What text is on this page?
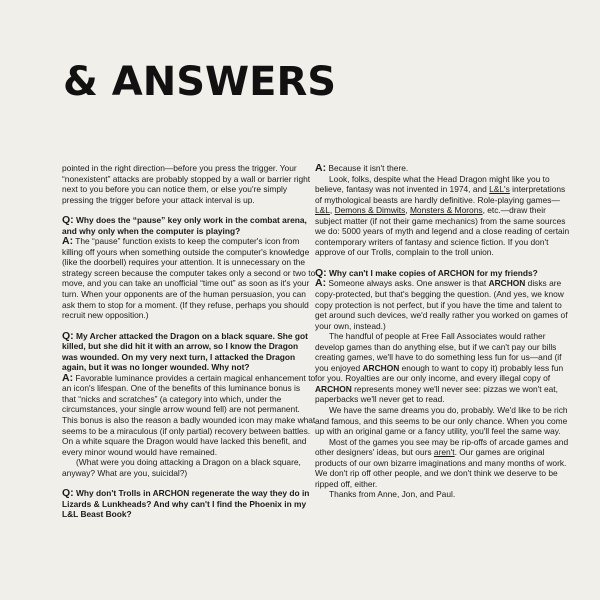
& ANSWERS

pointed in the right direction—before you press the trigger. Your “nonexistent” attacks are probably stopped by a wall or barrier right next to you before you can notice them, or else you're simply pressing the trigger before your attack interval is up.

Q: Why does the “pause” key only work in the combat arena, and why only when the computer is playing?

A: The “pause” function exists to keep the computer's icon from killing off yours when something outside the computer's knowledge (like the doorbell) requires your attention. It is unnecessary on the strategy screen because the computer takes only a second or two to move, and you can take an unofficial “time out” as soon as it's your turn. When your opponents are of the human persuasion, you can ask them to stop for a moment. (If they refuse, perhaps you should recruit new opposition.)

Q: My Archer attacked the Dragon on a black square. She got killed, but she did hit it with an arrow, so I know the Dragon was wounded. On my very next turn, I attacked the Dragon again, but it was no longer wounded. Why not?

A: Favorable luminance provides a certain magical enhancement to an icon's lifespan. One of the benefits of this luminance bonus is that “nicks and scratches” (a category into which, under the circumstances, your single arrow wound fell) are not permanent. This bonus is also the reason a badly wounded icon may make what seems to be a miraculous (if only partial) recovery between battles. On a white square the Dragon would have lacked this benefit, and every minor wound would have remained.

(What were you doing attacking a Dragon on a black square, anyway? What are you, suicidal?)

Q: Why don't Trolls in ARCHON regenerate the way they do in Lizards & Lunkheads? And why can't I find the Phoenix in my L&L Beast Book?

A: Because it isn't there.

Look, folks, despite what the Head Dragon might like you to believe, fantasy was not invented in 1974, and L&L's interpretations of mythological beasts are hardly definitive. Role-playing games—L&L, Demons & Dimwits, Monsters & Morons, etc.—draw their subject matter (if not their game mechanics) from the same sources we do: 5000 years of myth and legend and a close reading of certain contemporary writers of fantasy and science fiction. If you don't approve of our Trolls, complain to the troll union.

Q: Why can't I make copies of ARCHON for my friends?

A: Someone always asks. One answer is that ARCHON disks are copy-protected, but that's begging the question. (And yes, we know copy protection is not perfect, but if you have the time and talent to get around such devices, we'd really rather you worked on games of your own, instead.)

The handful of people at Free Fall Associates would rather develop games than do anything else, but if we can't pay our bills creating games, we'll have to do something less fun for us—and (if you enjoyed ARCHON enough to want to copy it) probably less fun for you. Royalties are our only income, and every illegal copy of ARCHON represents money we'll never see: pizzas we won't eat, paperbacks we'll never get to read.

We have the same dreams you do, probably. We'd like to be rich and famous, and this seems to be our only chance. When you come up with an original game or a fancy utility, you'll feel the same way.

Most of the games you see may be rip-offs of arcade games and other designers' ideas, but ours aren't. Our games are original products of our own bizarre imaginations and many months of work. We don't rip off other people, and we don't think we deserve to be ripped off, either.

Thanks from Anne, Jon, and Paul.
